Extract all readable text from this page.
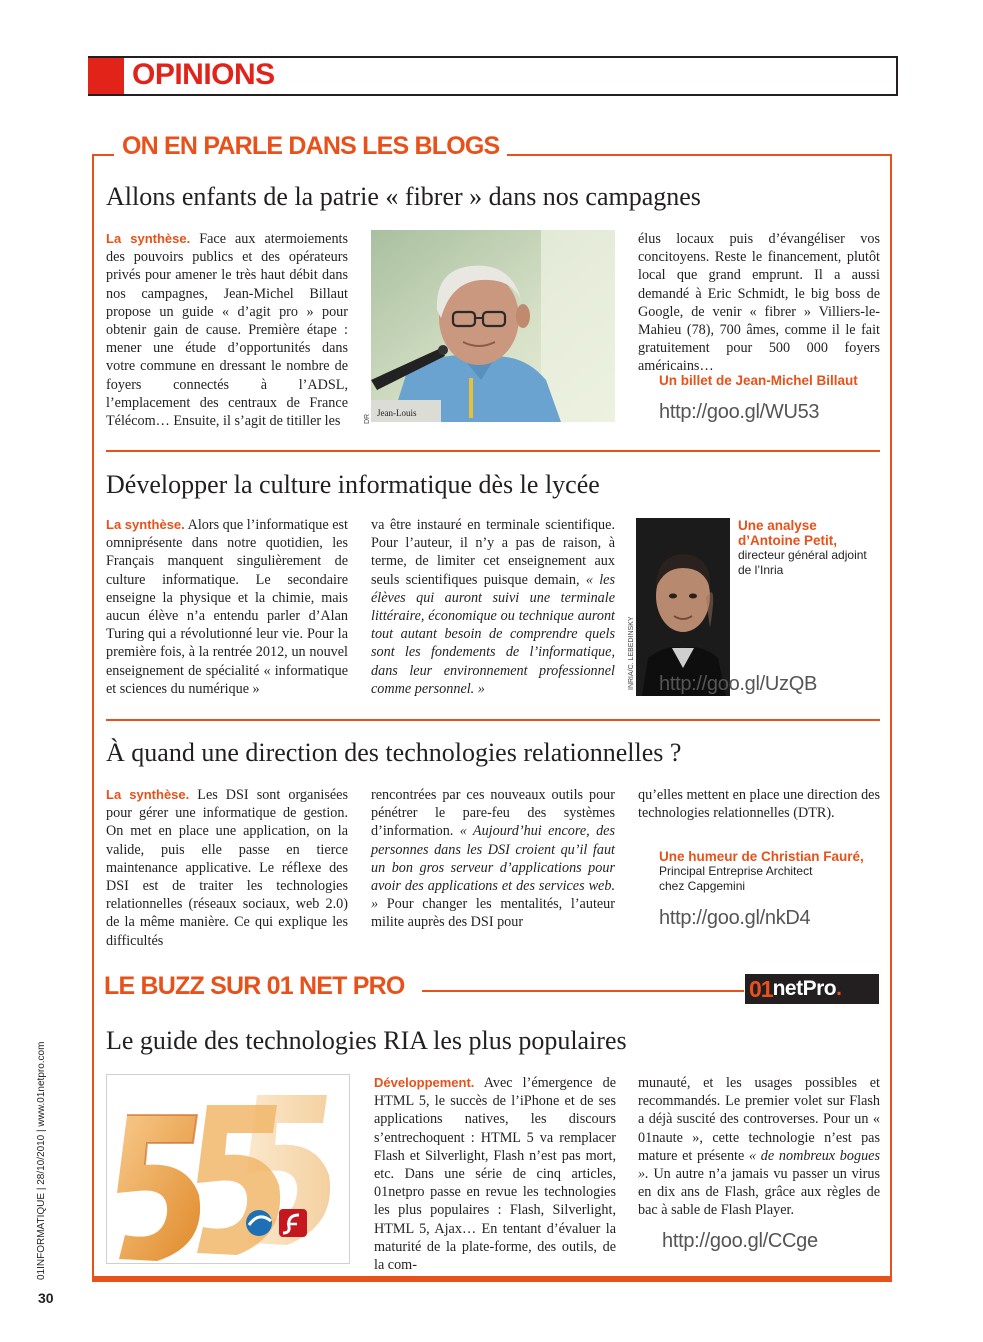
OPINIONS
ON EN PARLE DANS LES BLOGS
Allons enfants de la patrie « fibrer » dans nos campagnes
La synthèse. Face aux atermoiements des pouvoirs publics et des opérateurs privés pour amener le très haut débit dans nos campagnes, Jean-Michel Billaut propose un guide « d’agit pro » pour obtenir gain de cause. Première étape : mener une étude d’opportunités dans votre commune en dressant le nombre de foyers connectés à l’ADSL, l’emplacement des centraux de France Télécom… Ensuite, il s’agit de titiller les
Jean-Louis
DR
élus locaux puis d’évangéliser vos concitoyens. Reste le financement, plutôt local que grand emprunt. Il a aussi demandé à Eric Schmidt, le big boss de Google, de venir « fibrer » Villiers-le-Mahieu (78), 700 âmes, comme il le fait gratuitement pour 500 000 foyers américains…
Un billet de Jean-Michel Billaut
http://goo.gl/WU53
Développer la culture informatique dès le lycée
La synthèse. Alors que l’informatique est omniprésente dans notre quotidien, les Français manquent singulièrement de culture informatique. Le secondaire enseigne la physique et la chimie, mais aucun élève n’a entendu parler d’Alan Turing qui a révolutionné leur vie. Pour la première fois, à la rentrée 2012, un nouvel enseignement de spécialité « informatique et sciences du numérique »
va être instauré en terminale scientifique. Pour l’auteur, il n’y a pas de raison, à terme, de limiter cet enseignement aux seuls scientifiques puisque demain, « les élèves qui auront suivi une terminale littéraire, économique ou technique auront tout autant besoin de comprendre quels sont les fondements de l’informatique, dans leur environnement professionnel comme personnel. »	INRIA/C. LEBEDINSKY
Une analyse d’Antoine Petit,
directeur général adjoint de l’Inria
http://goo.gl/UzQB
À quand une direction des technologies relationnelles ?
La synthèse. Les DSI sont organisées pour gérer une informatique de gestion. On met en place une application, on la valide, puis elle passe en tierce maintenance applicative. Le réflexe des DSI est de traiter les technologies relationnelles (réseaux sociaux, web 2.0) de la même manière. Ce qui explique les difficultés
rencontrées par ces nouveaux outils pour pénétrer le pare-feu des systèmes d’information. « Aujourd’hui encore, des personnes dans les DSI croient qu’il faut un bon gros serveur d’applications pour avoir des applications et des services web. » Pour changer les mentalités, l’auteur milite auprès des DSI pour
qu’elles mettent en place une direction des technologies relationnelles (DTR).
Une humeur de Christian Fauré,
Principal Entreprise Architect chez Capgemini
http://goo.gl/nkD4
LE BUZZ SUR 01 NET PRO	01 net Pro .
Le guide des technologies RIA les plus populaires
Développement. Avec l’émergence de HTML 5, le succès de l’iPhone et de ses applications natives, les discours s’entrechoquent : HTML 5 va remplacer Flash et Silverlight, Flash n’est pas mort, etc. Dans une série de cinq articles, 01netpro passe en revue les technologies les plus populaires : Flash, Silverlight, HTML 5, Ajax… En tentant d’évaluer la maturité de la plate-forme, des outils, de la com-
munauté, et les usages possibles et recommandés. Le premier volet sur Flash a déjà suscité des controverses. Pour un « 01naute », cette technologie n’est pas mature et présente « de nombreux bogues ». Un autre n’a jamais vu passer un virus en dix ans de Flash, grâce aux règles de bac à sable de Flash Player.
http://goo.gl/CCge
01INFORMATIQUE | 28/10/2010 | www.01netpro.com
30
